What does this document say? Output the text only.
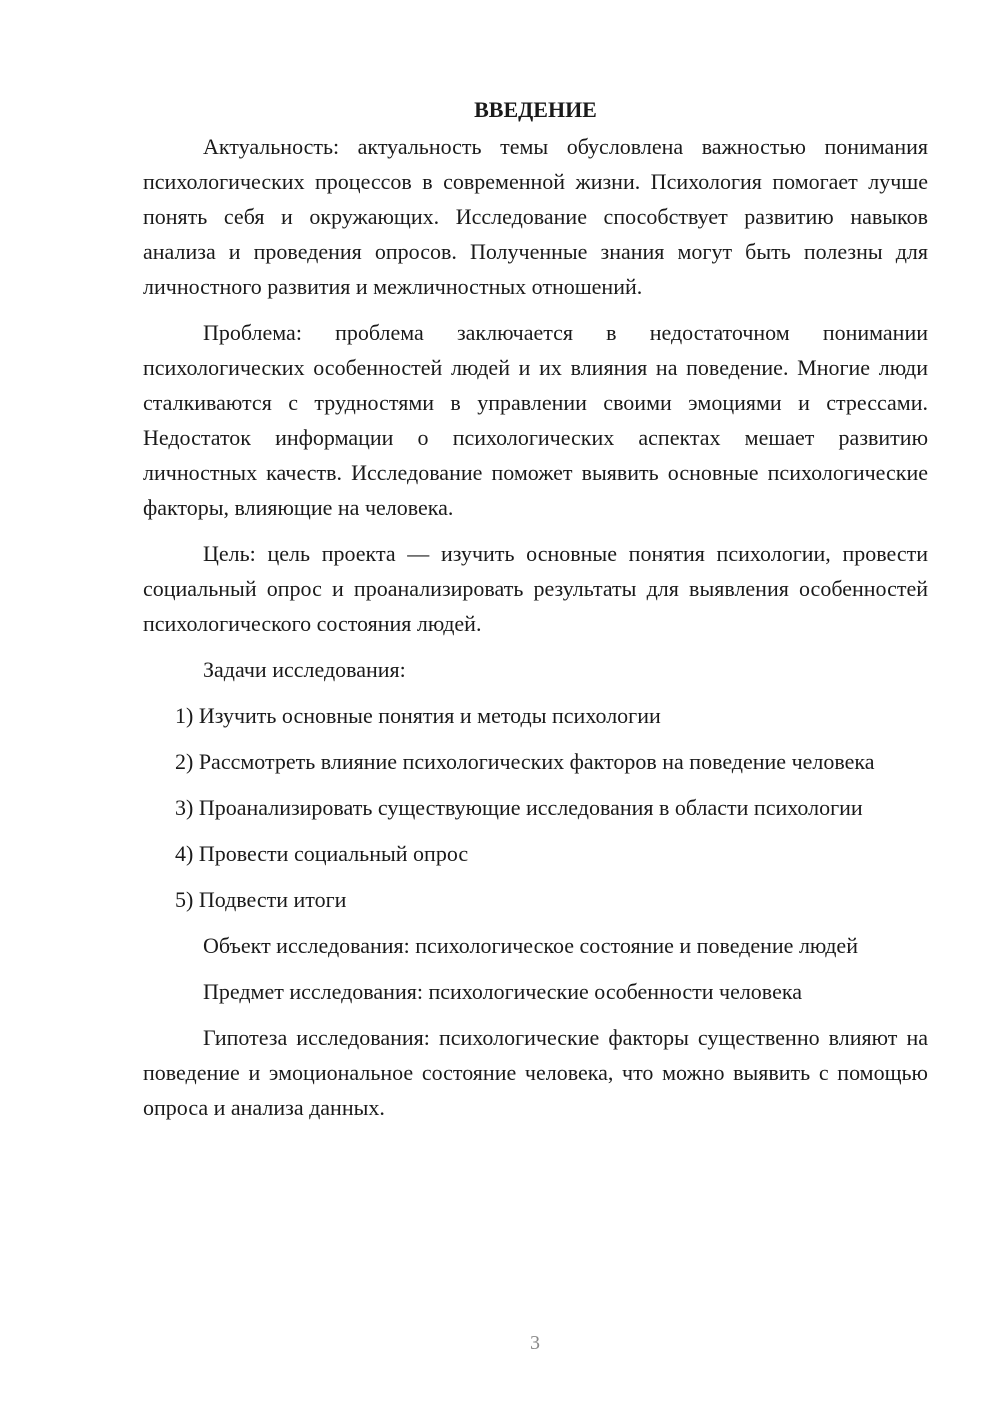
ВВЕДЕНИЕ

Актуальность: актуальность темы обусловлена важностью понимания психологических процессов в современной жизни. Психология помогает лучше понять себя и окружающих. Исследование способствует развитию навыков анализа и проведения опросов. Полученные знания могут быть полезны для личностного развития и межличностных отношений.

Проблема: проблема заключается в недостаточном понимании психологических особенностей людей и их влияния на поведение. Многие люди сталкиваются с трудностями в управлении своими эмоциями и стрессами. Недостаток информации о психологических аспектах мешает развитию личностных качеств. Исследование поможет выявить основные психологические факторы, влияющие на человека.

Цель: цель проекта — изучить основные понятия психологии, провести социальный опрос и проанализировать результаты для выявления особенностей психологического состояния людей.

Задачи исследования:

1) Изучить основные понятия и методы психологии

2) Рассмотреть влияние психологических факторов на поведение человека

3) Проанализировать существующие исследования в области психологии

4) Провести социальный опрос

5) Подвести итоги

Объект исследования: психологическое состояние и поведение людей

Предмет исследования: психологические особенности человека

Гипотеза исследования: психологические факторы существенно влияют на поведение и эмоциональное состояние человека, что можно выявить с помощью опроса и анализа данных.

3
